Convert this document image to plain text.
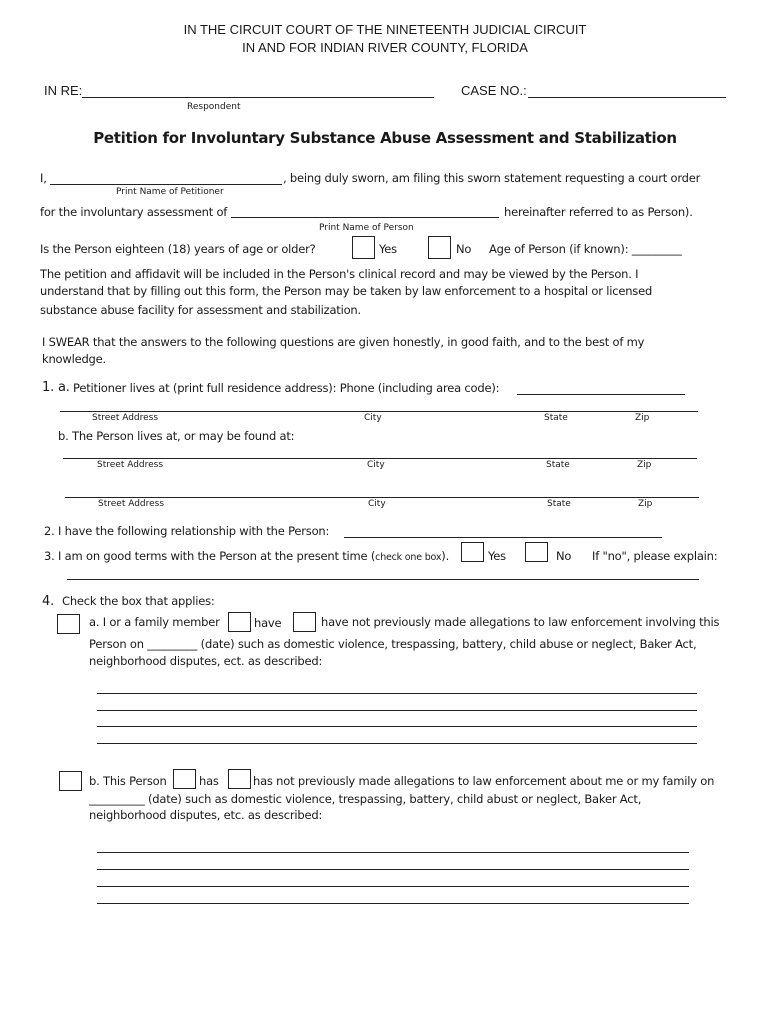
IN THE CIRCUIT COURT OF THE NINETEENTH JUDICIAL CIRCUIT
IN AND FOR INDIAN RIVER COUNTY, FLORIDA
IN RE:	CASE NO.:
Respondent
Petition for Involuntary Substance Abuse Assessment and Stabilization
I,	, being duly sworn, am filing this sworn statement requesting a court order
Print Name of Petitioner
for the involuntary assessment of	hereinafter referred to as Person).
Print Name of Person
Is the Person eighteen (18) years of age or older?	Yes	No Age of Person (if known): _________
The petition and affidavit will be included in the Person's clinical record and may be viewed by the Person. I
understand that by filling out this form, the Person may be taken by law enforcement to a hospital or licensed
substance abuse facility for assessment and stabilization.
I SWEAR that the answers to the following questions are given honestly, in good faith, and to the best of my
knowledge.
1. a. Petitioner lives at (print full residence address): Phone (including area code):
Street Address	City	State	Zip
b. The Person lives at, or may be found at:
Street Address	City	State	Zip
Street Address	City	State	Zip
2. I have the following relationship with the Person:
3. I am on good terms with the Person at the present time (check one box).	Yes	No If "no", please explain:
4. Check the box that applies:
a. I or a family member	have	have not previously made allegations to law enforcement involving this
Person on _________ (date) such as domestic violence, trespassing, battery, child abuse or neglect, Baker Act,
neighborhood disputes, ect. as described:
b. This Person	has	has not previously made allegations to law enforcement about me or my family on
__________ (date) such as domestic violence, trespassing, battery, child abust or neglect, Baker Act,
neighborhood disputes, etc. as described:
